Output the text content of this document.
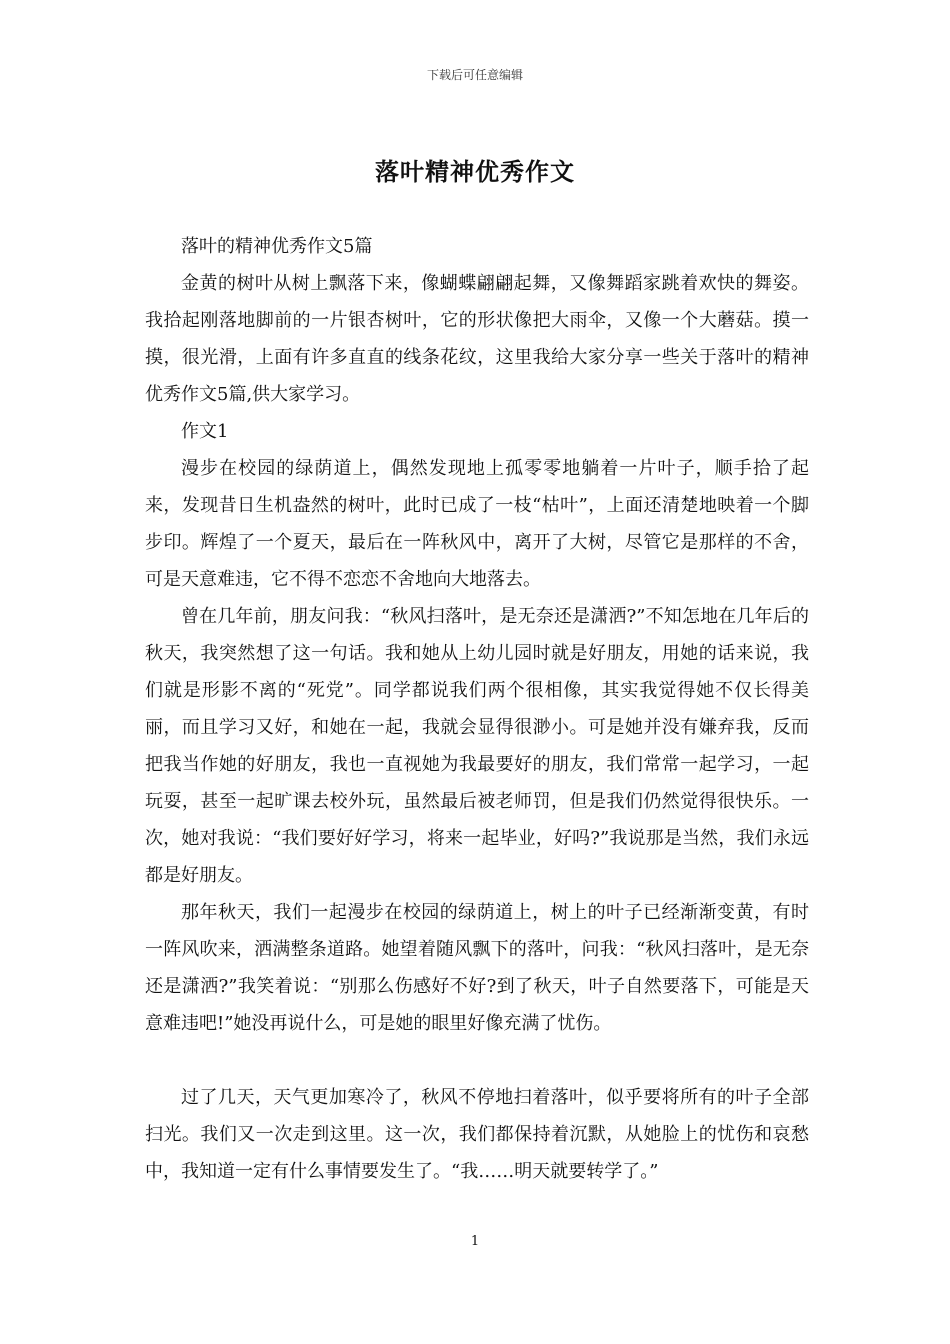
下载后可任意编辑
落叶精神优秀作文

落叶的精神优秀作文5篇

金黄的树叶从树上飘落下来，像蝴蝶翩翩起舞，又像舞蹈家跳着欢快的舞姿。我拾起刚落地脚前的一片银杏树叶，它的形状像把大雨伞，又像一个大蘑菇。摸一摸，很光滑，上面有许多直直的线条花纹，这里我给大家分享一些关于落叶的精神优秀作文5篇,供大家学习。

作文1

漫步在校园的绿荫道上，偶然发现地上孤零零地躺着一片叶子，顺手拾了起来，发现昔日生机盎然的树叶，此时已成了一枝“枯叶”，上面还清楚地映着一个脚步印。辉煌了一个夏天，最后在一阵秋风中，离开了大树，尽管它是那样的不舍，可是天意难违，它不得不恋恋不舍地向大地落去。

曾在几年前，朋友问我：“秋风扫落叶，是无奈还是潇洒?”不知怎地在几年后的秋天，我突然想了这一句话。我和她从上幼儿园时就是好朋友，用她的话来说，我们就是形影不离的“死党”。同学都说我们两个很相像，其实我觉得她不仅长得美丽，而且学习又好，和她在一起，我就会显得很渺小。可是她并没有嫌弃我，反而把我当作她的好朋友，我也一直视她为我最要好的朋友，我们常常一起学习，一起玩耍，甚至一起旷课去校外玩，虽然最后被老师罚，但是我们仍然觉得很快乐。一次，她对我说：“我们要好好学习，将来一起毕业，好吗?”我说那是当然，我们永远都是好朋友。

那年秋天，我们一起漫步在校园的绿荫道上，树上的叶子已经渐渐变黄，有时一阵风吹来，洒满整条道路。她望着随风飘下的落叶，问我：“秋风扫落叶，是无奈还是潇洒?”我笑着说：“别那么伤感好不好?到了秋天，叶子自然要落下，可能是天意难违吧!”她没再说什么，可是她的眼里好像充满了忧伤。

过了几天，天气更加寒冷了，秋风不停地扫着落叶，似乎要将所有的叶子全部扫光。我们又一次走到这里。这一次，我们都保持着沉默，从她脸上的忧伤和哀愁中，我知道一定有什么事情要发生了。“我……明天就要转学了。”

1
